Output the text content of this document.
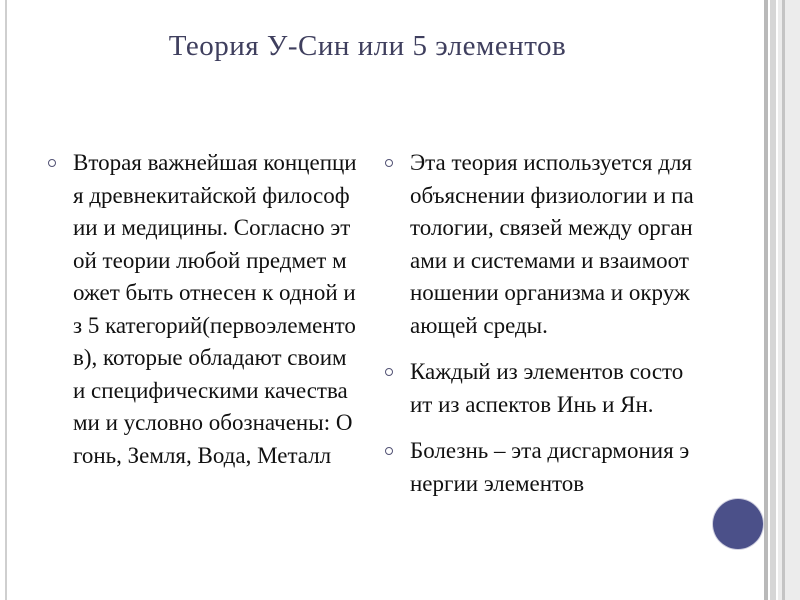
Теория У-Син или 5 элементов
Вторая важнейшая концепция древнекитайской философии и медицины. Согласно этой теории любой предмет может быть отнесен к одной из 5 категорий(первоэлементов), которые обладают своими специфическими качествами и условно обозначены: Огонь, Земля, Вода, Металл
Эта теория используется для объяснении физиологии и патологии, связей между органами и системами и взаимоотношении организма и окружающей среды.
Каждый из элементов состоит из аспектов Инь и Ян.
Болезнь – эта дисгармония энергии элементов
